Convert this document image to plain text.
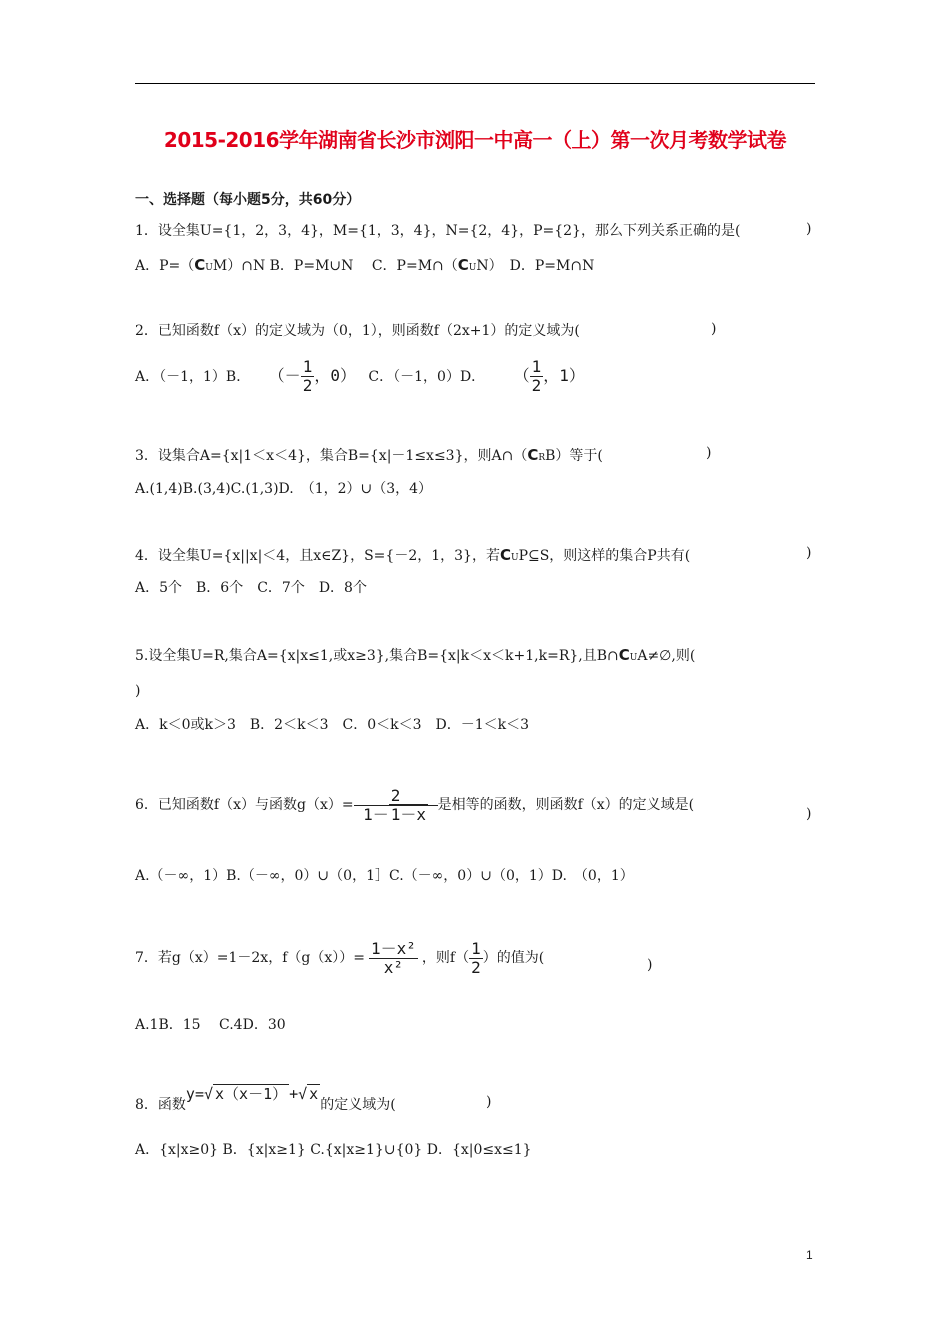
2015-2016学年湖南省长沙市浏阳一中高一（上）第一次月考数学试卷
一、选择题（每小题5分，共60分）
1．设全集U={1，2，3，4}，M={1，3，4}，N={2，4}，P={2}，那么下列关系正确的是(	)
A．P=（CUM）∩N B．P=M∪N　 C．P=M∩（CUN）　D．P=M∩N
2．已知函数f（x）的定义域为（0，1），则函数f（2x+1）的定义域为(	)
A．（－1，1）B． （－ $\frac{1}{2}$ ，0） C．（－1，0）D． （ $\frac{1}{2}$ ，1）
3．设集合A={x|1＜x＜4}，集合B={x|－1≤x≤3}，则A∩（CRB）等于(	)
A.(1,4)B.(3,4)C.(1,3)D.　（1，2）∪（3，4）
4．设全集U={x||x|＜4，且x∈Z}，S={－2，1，3}，若CUP⊆S，则这样的集合P共有(	)
A．5个　B．6个　C．7个　D．8个
5.设全集U=R,集合A={x|x≤1,或x≥3},集合B={x|k＜x＜k+1,k=R},且B∩CUA≠∅,则(
)
A．k＜0或k＞3　B．2＜k＜3　C．0＜k＜3　D．－1＜k＜3
6．已知函数f（x）与函数$g(x)= \frac{2}{1- 1-x}$ 是相等的函数，则函数f（x）的定义域是(
)
A.（－∞，1）B.（－∞，0）∪（0，1］C.（－∞，0）∪（0，1）D.　（0，1）
7．若g（x）=1－2x，$f(g(x))= \frac{\text{1－x²}}{\text{x²}}$ ，则$f( \frac{1}{2}$ ）的值为(	)
A.1B．15　 C.4D．30
8．函数y=√ x（x－1） +√ x的定义域为(	)
A．{x|x≥0} B．{x|x≥1} C.{x|x≥1}∪{0} D．{x|0≤x≤1}
1
